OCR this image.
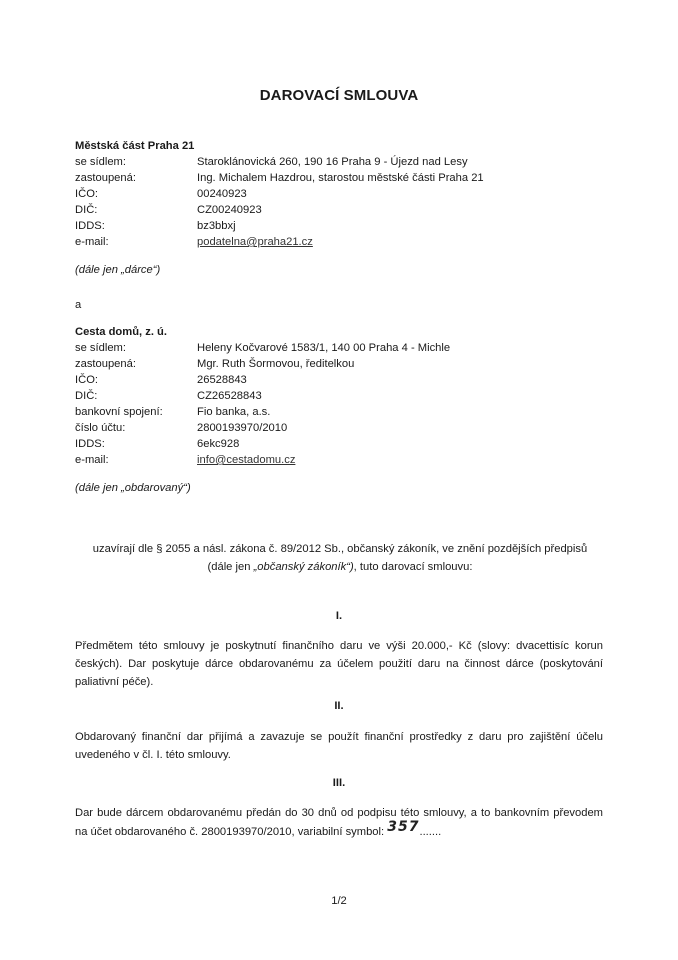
DAROVACÍ SMLOUVA
Městská část Praha 21
se sídlem:	Staroklánovická 260, 190 16 Praha 9 - Újezd nad Lesy
zastoupená:	Ing. Michalem Hazdrou, starostou městské části Praha 21
IČO:	00240923
DIČ:	CZ00240923
IDDS:	bz3bbxj
e-mail:	podatelna@praha21.cz
(dále jen „dárce“)
a
Cesta domů, z. ú.
se sídlem:	Heleny Kočvarové 1583/1, 140 00 Praha 4 - Michle
zastoupená:	Mgr. Ruth Šormovou, ředitelkou
IČO:	26528843
DIČ:	CZ26528843
bankovní spojení:	Fio banka, a.s.
číslo účtu:	2800193970/2010
IDDS:	6ekc928
e-mail:	info@cestadomu.cz
(dále jen „obdarovaný“)
uzavírají dle § 2055 a násl. zákona č. 89/2012 Sb., občanský zákoník, ve znění pozdějších předpisů
(dále jen „občanský zákoník“), tuto darovací smlouvu:
I.
Předmětem této smlouvy je poskytnutí finančního daru ve výši 20.000,- Kč (slovy: dvacettisíc korun českých). Dar poskytuje dárce obdarovanému za účelem použití daru na činnost dárce (poskytování paliativní péče).
II.
Obdarovaný finanční dar přijímá a zavazuje se použít finanční prostředky z daru pro zajištění účelu uvedeného v čl. I. této smlouvy.
III.
Dar bude dárcem obdarovanému předán do 30 dnů od podpisu této smlouvy, a to bankovním převodem na účet obdarovaného č. 2800193970/2010, variabilní symbol: 357.......
1/2
